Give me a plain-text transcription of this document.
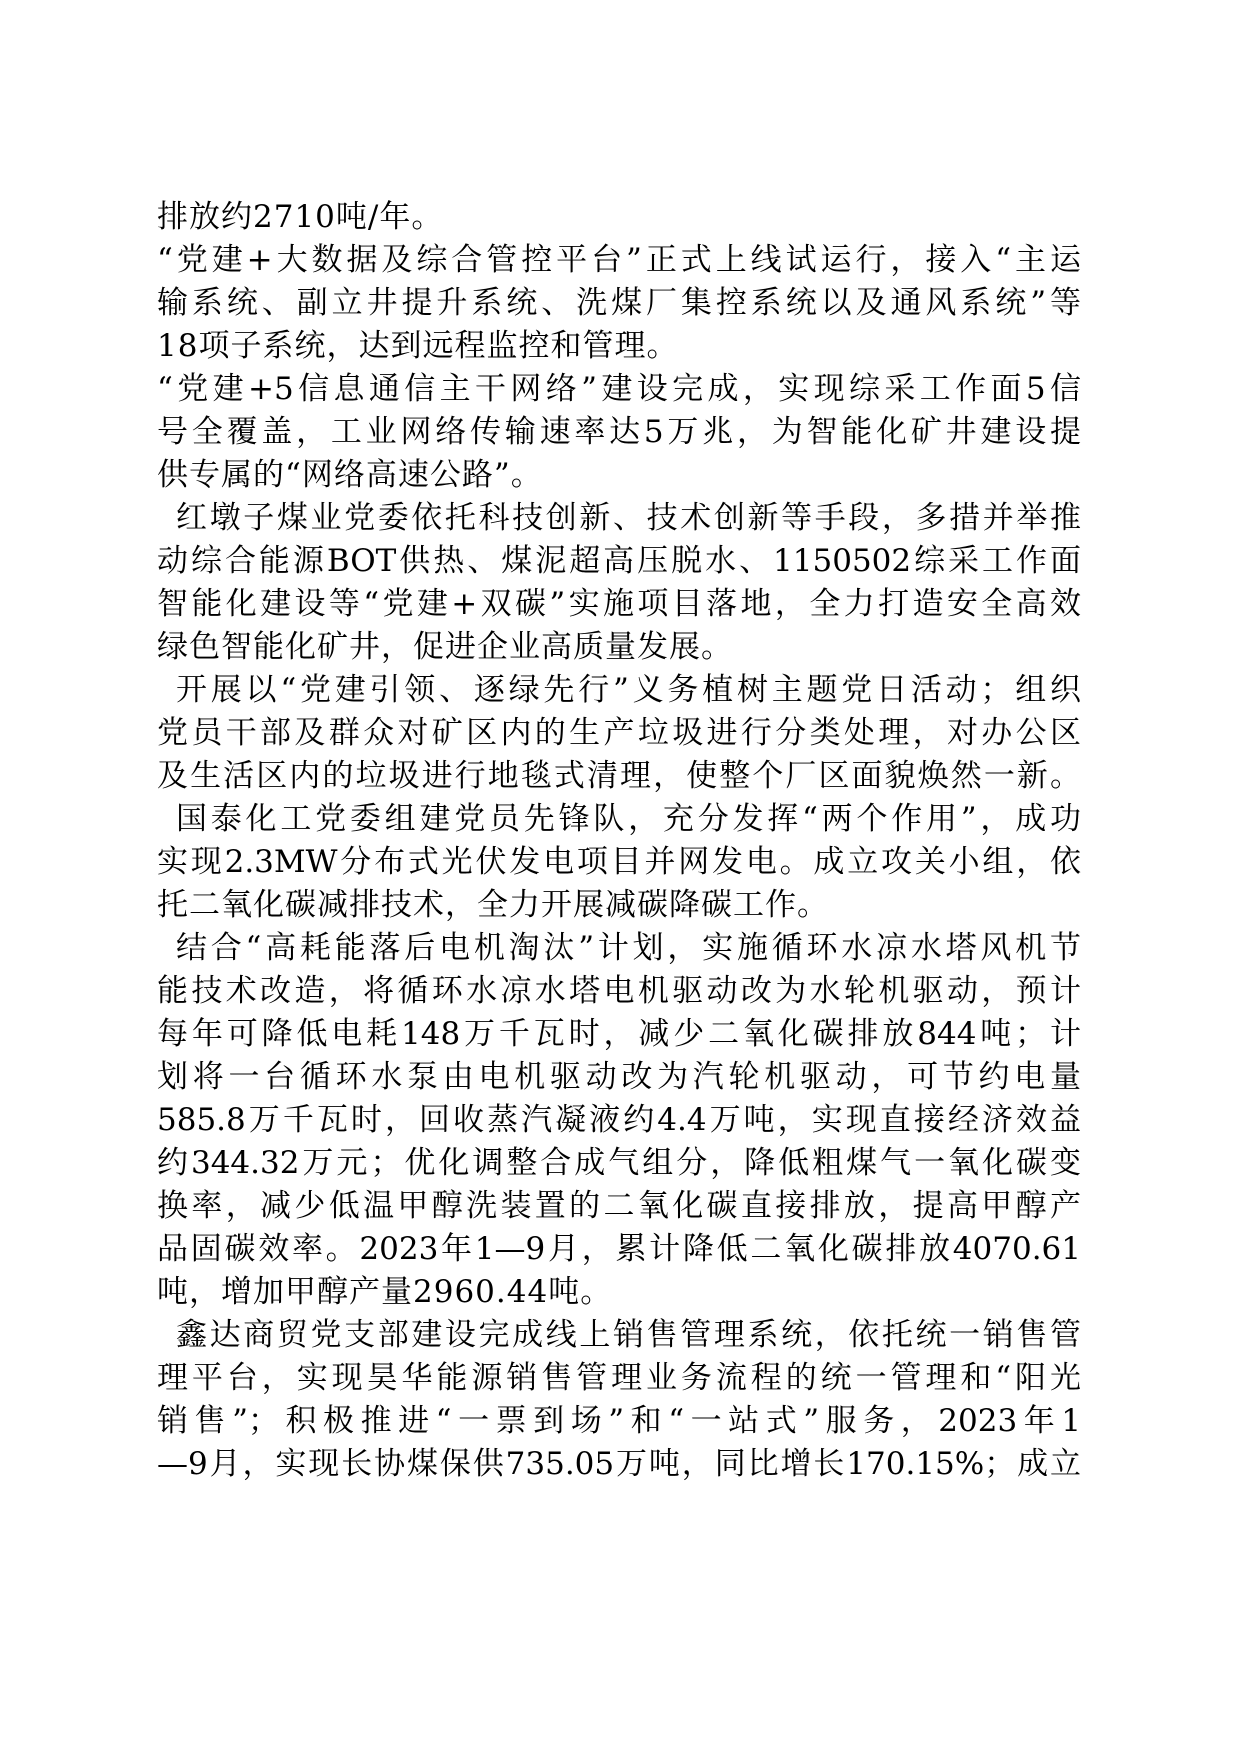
排放约2710吨/年。
“党建+大数据及综合管控平台”正式上线试运行，接入“主运
输系统、副立井提升系统、洗煤厂集控系统以及通风系统”等
18项子系统，达到远程监控和管理。
“党建+5信息通信主干网络”建设完成，实现综采工作面5信
号全覆盖，工业网络传输速率达5万兆，为智能化矿井建设提
供专属的“网络高速公路”。
红墩子煤业党委依托科技创新、技术创新等手段，多措并举推
动综合能源BOT供热、煤泥超高压脱水、1150502综采工作面
智能化建设等“党建+双碳”实施项目落地，全力打造安全高效
绿色智能化矿井，促进企业高质量发展。
开展以“党建引领、逐绿先行”义务植树主题党日活动；组织
党员干部及群众对矿区内的生产垃圾进行分类处理，对办公区
及生活区内的垃圾进行地毯式清理，使整个厂区面貌焕然一新。
国泰化工党委组建党员先锋队，充分发挥“两个作用”，成功
实现2.3MW分布式光伏发电项目并网发电。成立攻关小组，依
托二氧化碳减排技术，全力开展减碳降碳工作。
结合“高耗能落后电机淘汰”计划，实施循环水凉水塔风机节
能技术改造，将循环水凉水塔电机驱动改为水轮机驱动，预计
每年可降低电耗148万千瓦时，减少二氧化碳排放844吨；计
划将一台循环水泵由电机驱动改为汽轮机驱动，可节约电量
585.8万千瓦时，回收蒸汽凝液约4.4万吨，实现直接经济效益
约344.32万元；优化调整合成气组分，降低粗煤气一氧化碳变
换率，减少低温甲醇洗装置的二氧化碳直接排放，提高甲醇产
品固碳效率。2023年1—9月，累计降低二氧化碳排放4070.61
吨，增加甲醇产量2960.44吨。
鑫达商贸党支部建设完成线上销售管理系统，依托统一销售管
理平台，实现昊华能源销售管理业务流程的统一管理和“阳光
销售”；积极推进“一票到场”和“一站式”服务，2023年1
—9月，实现长协煤保供735.05万吨，同比增长170.15%；成立
